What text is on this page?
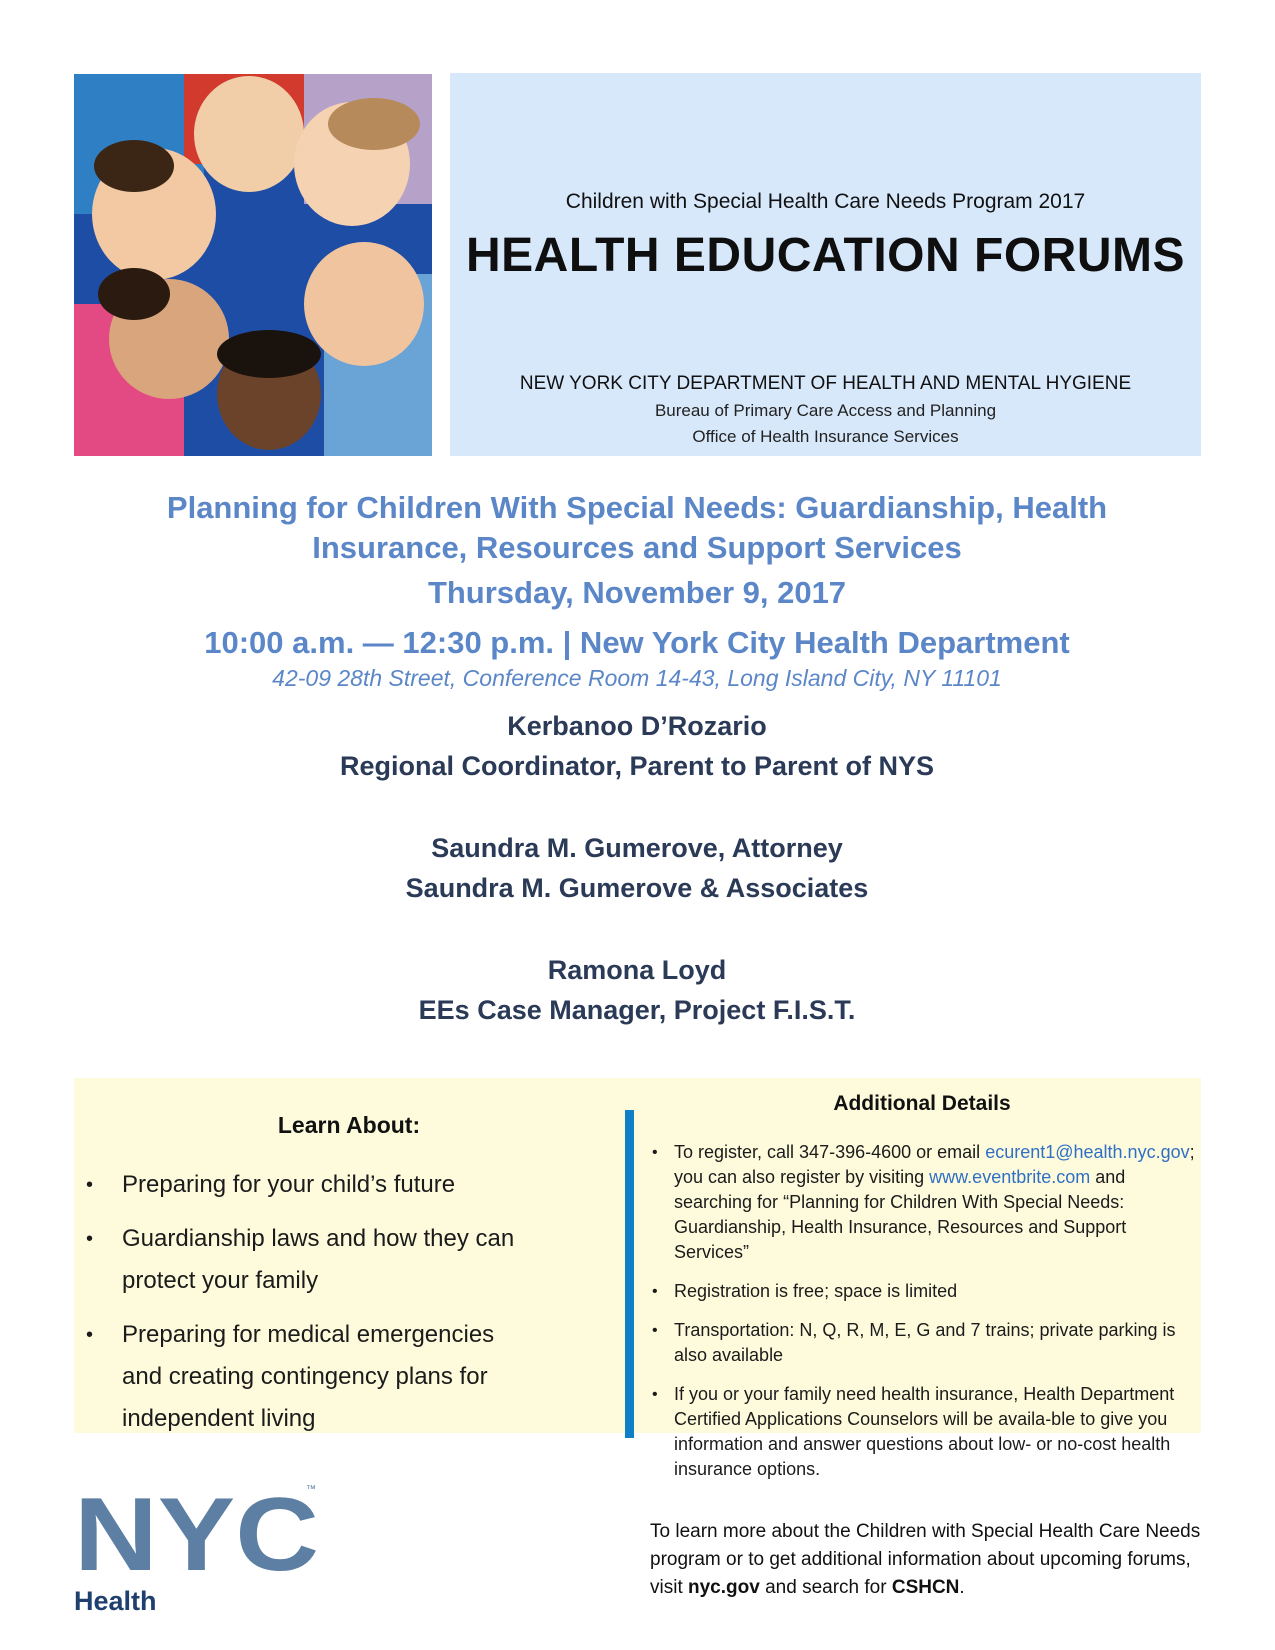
Children with Special Health Care Needs Program 2017
HEALTH EDUCATION FORUMS
NEW YORK CITY DEPARTMENT OF HEALTH AND MENTAL HYGIENE
Bureau of Primary Care Access and Planning
Office of Health Insurance Services
Planning for Children With Special Needs: Guardianship, Health
Insurance, Resources and Support Services
Thursday, November 9, 2017
10:00 a.m. — 12:30 p.m. | New York City Health Department
42-09 28th Street, Conference Room 14-43, Long Island City, NY 11101
Kerbanoo D’Rozario
Regional Coordinator, Parent to Parent of NYS
Saundra M. Gumerove, Attorney
Saundra M. Gumerove & Associates
Ramona Loyd
EEs Case Manager, Project F.I.S.T.
Learn About:
• Preparing for your child’s future
• Guardianship laws and how they can
protect your family
• Preparing for medical emergencies
and creating contingency plans for
independent living
Additional Details
• To register, call 347-396-4600 or email ecurent1@health.nyc.gov; you can also register by visiting www.eventbrite.com and searching for “Planning for Children With Special Needs: Guardianship, Health Insurance, Resources and Support Services”
• Registration is free; space is limited
• Transportation: N, Q, R, M, E, G and 7 trains; private parking is also available
• If you or your family need health insurance, Health Department Certified Applications Counselors will be availa-ble to give you information and answer questions about low- or no-cost health insurance options.
NYC
™
Health
To learn more about the Children with Special Health Care Needs program or to get additional information about upcoming forums, visit nyc.gov and search for CSHCN.
